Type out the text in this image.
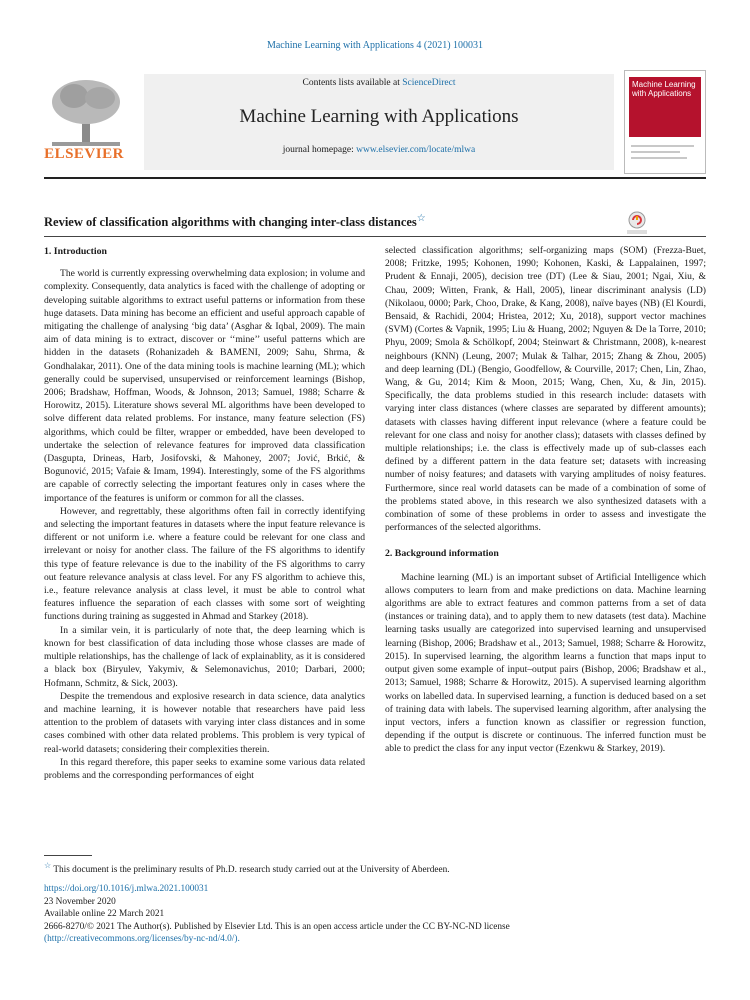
Machine Learning with Applications 4 (2021) 100031
ELSEVIER
Contents lists available at ScienceDirect
Machine Learning with Applications
journal homepage: www.elsevier.com/locate/mlwa
Machine Learning with Applications
Review of classification algorithms with changing inter-class distances☆
1. Introduction

The world is currently expressing overwhelming data explosion; in volume and complexity. Consequently, data analytics is faced with the challenge of adopting or developing suitable algorithms to extract useful patterns or information from these huge datasets. Data mining has become an efficient and useful approach capable of mitigating the challenge of analysing ‘big data’ (Asghar & Iqbal, 2009). The main aim of data mining is to extract, discover or ‘‘mine’’ useful patterns which are hidden in the datasets (Rohanizadeh & BAMENI, 2009; Sahu, Shrma, & Gondhalakar, 2011). One of the data mining tools is machine learning (ML); which generally could be supervised, unsupervised or reinforcement learnings (Bishop, 2006; Bradshaw, Hoffman, Woods, & Johnson, 2013; Samuel, 1988; Scharre & Horowitz, 2015). Literature shows several ML algorithms have been developed to solve different data related problems. For instance, many feature selection (FS) algorithms, which could be filter, wrapper or embedded, have been developed to undertake the selection of relevance features for improved data classification (Dasgupta, Drineas, Harb, Josifovski, & Mahoney, 2007; Jović, Brkić, & Bogunović, 2015; Vafaie & Imam, 1994). Interestingly, some of the FS algorithms are capable of correctly selecting the important features only in cases where the importance of the features is uniform or common for all the classes.

However, and regrettably, these algorithms often fail in correctly identifying and selecting the important features in datasets where the input feature relevance is different or not uniform i.e. where a feature could be relevant for one class and irrelevant or noisy for another class. The failure of the FS algorithms to identify this type of feature relevance is due to the inability of the FS algorithms to carry out feature relevance analysis at class level. For any FS algorithm to achieve this, i.e., feature relevance analysis at class level, it must be able to control what features influence the separation of each classes with some sort of weighting functions during training as suggested in Ahmad and Starkey (2018).

In a similar vein, it is particularly of note that, the deep learning which is known for best classification of data including those whose classes are made of multiple relationships, has the challenge of lack of explainablity, as it is considered a black box (Biryulev, Yakymiv, & Selemonavichus, 2010; Darbari, 2000; Hofmann, Schmitz, & Sick, 2003).

Despite the tremendous and explosive research in data science, data analytics and machine learning, it is however notable that researchers have paid less attention to the problem of datasets with varying inter class distances and in some cases combined with other data related problems. This problem is very typical of real-world datasets; considering their complexities therein.

In this regard therefore, this paper seeks to examine some various data related problems and the corresponding performances of eight

selected classification algorithms; self-organizing maps (SOM) (Frezza-Buet, 2008; Fritzke, 1995; Kohonen, 1990; Kohonen, Kaski, & Lappalainen, 1997; Prudent & Ennaji, 2005), decision tree (DT) (Lee & Siau, 2001; Ngai, Xiu, & Chau, 2009; Witten, Frank, & Hall, 2005), linear discriminant analysis (LD) (Nikolaou, 0000; Park, Choo, Drake, & Kang, 2008), naïve bayes (NB) (El Kourdi, Bensaid, & Rachidi, 2004; Hristea, 2012; Xu, 2018), support vector machines (SVM) (Cortes & Vapnik, 1995; Liu & Huang, 2002; Nguyen & De la Torre, 2010; Phyu, 2009; Smola & Schölkopf, 2004; Steinwart & Christmann, 2008), k-nearest neighbours (KNN) (Leung, 2007; Mulak & Talhar, 2015; Zhang & Zhou, 2005) and deep learning (DL) (Bengio, Goodfellow, & Courville, 2017; Chen, Lin, Zhao, Wang, & Gu, 2014; Kim & Moon, 2015; Wang, Chen, Xu, & Jin, 2015). Specifically, the data problems studied in this research include: datasets with varying inter class distances (where classes are separated by different amounts); datasets with classes having different input relevance (where a feature could be relevant for one class and noisy for another class); datasets with classes defined by multiple relationships; i.e. the class is effectively made up of sub-classes each defined by a different pattern in the data feature set; datasets with increasing number of noisy features; and datasets with varying amplitudes of noisy features. Furthermore, since real world datasets can be made of a combination of some of the problems stated above, in this research we also synthesized datasets with a combination of some of these problems in order to assess and investigate the performances of the selected algorithms.

2. Background information

Machine learning (ML) is an important subset of Artificial Intelligence which allows computers to learn from and make predictions on data. Machine learning algorithms are able to extract features and common patterns from a set of data (instances or training data), and to apply them to new datasets (test data). Machine learning tasks usually are categorized into supervised learning and unsupervised learning (Bishop, 2006; Bradshaw et al., 2013; Samuel, 1988; Scharre & Horowitz, 2015). In supervised learning, the algorithm learns a function that maps input to output given some example of input–output pairs (Bishop, 2006; Bradshaw et al., 2013; Samuel, 1988; Scharre & Horowitz, 2015). A supervised learning algorithm works on labelled data. In supervised learning, a function is deduced based on a set of training data with labels. The supervised learning algorithm, after analysing the input vectors, infers a function known as classifier or regression function, depending if the output is discrete or continuous. The inferred function must be able to predict the class for any input vector (Ezenkwu & Starkey, 2019).

☆ This document is the preliminary results of Ph.D. research study carried out at the University of Aberdeen.
https://doi.org/10.1016/j.mlwa.2021.100031
23 November 2020
Available online 22 March 2021
2666-8270/© 2021 The Author(s). Published by Elsevier Ltd. This is an open access article under the CC BY-NC-ND license
(http://creativecommons.org/licenses/by-nc-nd/4.0/).
